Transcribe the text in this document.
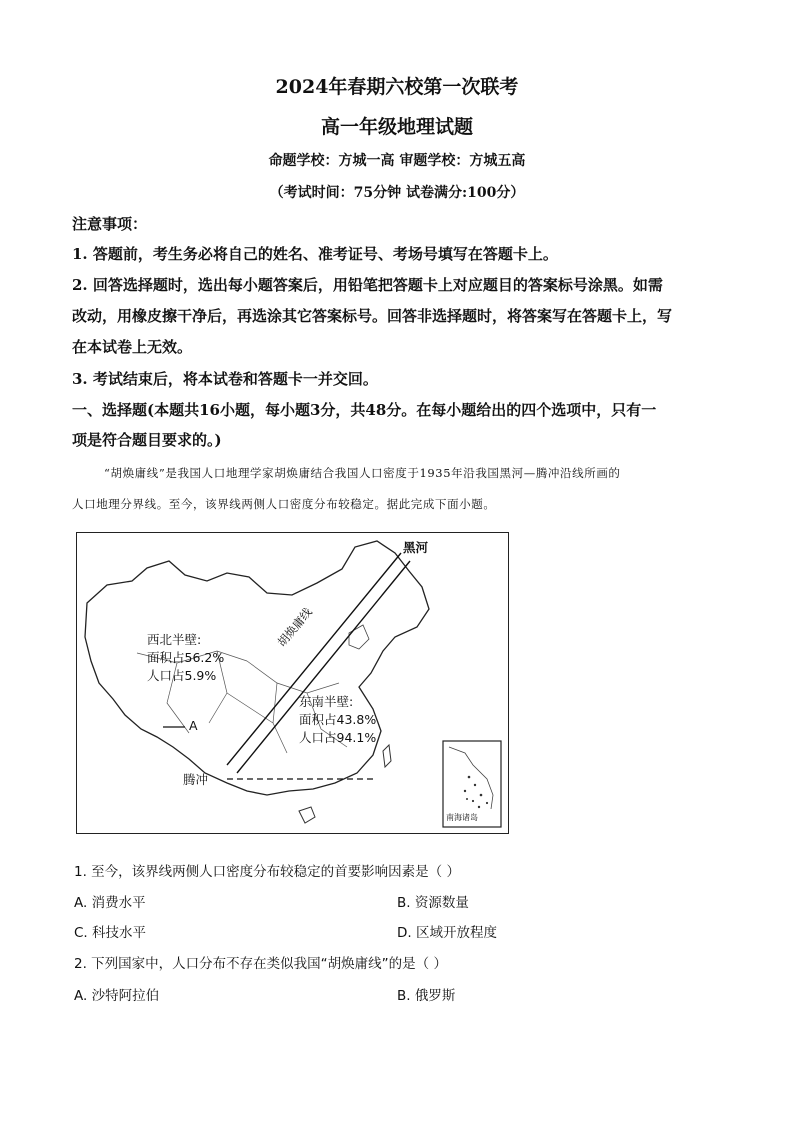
2024年春期六校第一次联考
高一年级地理试题
命题学校：方城一高 审题学校：方城五高
（考试时间：75分钟 试卷满分:100分）
注意事项：
1. 答题前，考生务必将自己的姓名、准考证号、考场号填写在答题卡上。
2. 回答选择题时，选出每小题答案后，用铅笔把答题卡上对应题目的答案标号涂黑。如需
改动，用橡皮擦干净后，再选涂其它答案标号。回答非选择题时，将答案写在答题卡上，写
在本试卷上无效。
3. 考试结束后，将本试卷和答题卡一并交回。
一、选择题(本题共16小题，每小题3分，共48分。在每小题给出的四个选项中，只有一
项是符合题目要求的。)
“胡焕庸线”是我国人口地理学家胡焕庸结合我国人口密度于1935年沿我国黑河—腾冲沿线所画的
人口地理分界线。至今，该界线两侧人口密度分布较稳定。据此完成下面小题。
黑河
腾冲
胡焕庸线
西北半壁:
面积占56.2%
人口占5.9%
东南半壁:
面积占43.8%
人口占94.1%
A
南海诸岛
1. 至今，该界线两侧人口密度分布较稳定的首要影响因素是（ ）
A. 消费水平	B. 资源数量
C. 科技水平	D. 区域开放程度
2. 下列国家中，人口分布不存在类似我国“胡焕庸线”的是（ ）
A. 沙特阿拉伯	B. 俄罗斯
